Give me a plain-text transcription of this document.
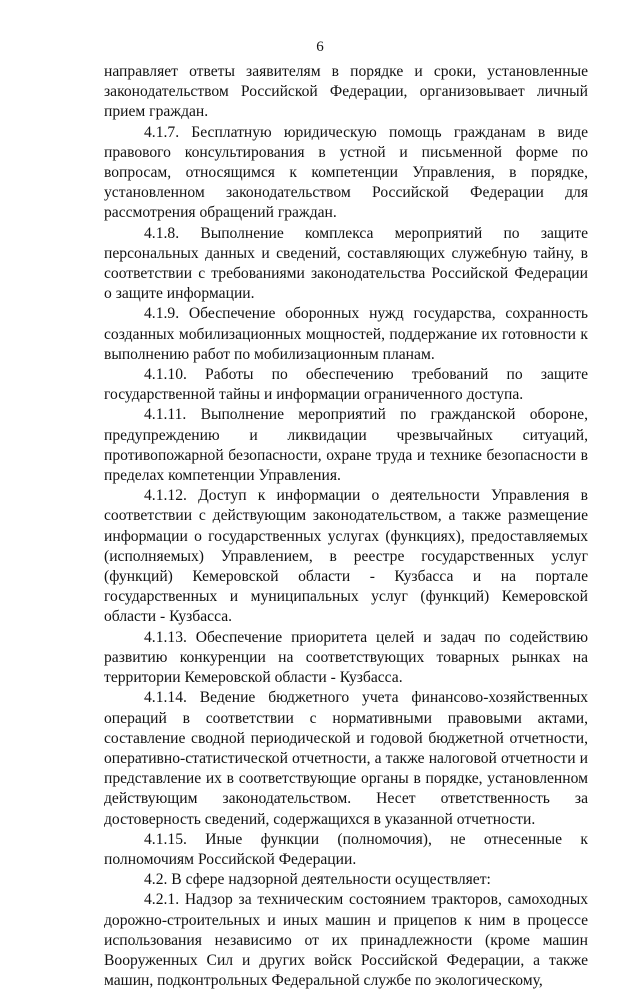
6

направляет ответы заявителям в порядке и сроки, установленные законодательством Российской Федерации, организовывает личный прием граждан.

4.1.7. Бесплатную юридическую помощь гражданам в виде правового консультирования в устной и письменной форме по вопросам, относящимся к компетенции Управления, в порядке, установленном законодательством Российской Федерации для рассмотрения обращений граждан.

4.1.8. Выполнение комплекса мероприятий по защите персональных данных и сведений, составляющих служебную тайну, в соответствии с требованиями законодательства Российской Федерации о защите информации.

4.1.9. Обеспечение оборонных нужд государства, сохранность созданных мобилизационных мощностей, поддержание их готовности к выполнению работ по мобилизационным планам.

4.1.10. Работы по обеспечению требований по защите государственной тайны и информации ограниченного доступа.

4.1.11. Выполнение мероприятий по гражданской обороне, предупреждению и ликвидации чрезвычайных ситуаций, противопожарной безопасности, охране труда и технике безопасности в пределах компетенции Управления.

4.1.12. Доступ к информации о деятельности Управления в соответствии с действующим законодательством, а также размещение информации о государственных услугах (функциях), предоставляемых (исполняемых) Управлением, в реестре государственных услуг (функций) Кемеровской области - Кузбасса и на портале государственных и муниципальных услуг (функций) Кемеровской области - Кузбасса.

4.1.13. Обеспечение приоритета целей и задач по содействию развитию конкуренции на соответствующих товарных рынках на территории Кемеровской области - Кузбасса.

4.1.14. Ведение бюджетного учета финансово-хозяйственных операций в соответствии с нормативными правовыми актами, составление сводной периодической и годовой бюджетной отчетности, оперативно-статистической отчетности, а также налоговой отчетности и представление их в соответствующие органы в порядке, установленном действующим законодательством. Несет ответственность за достоверность сведений, содержащихся в указанной отчетности.

4.1.15. Иные функции (полномочия), не отнесенные к полномочиям Российской Федерации.

4.2. В сфере надзорной деятельности осуществляет:

4.2.1. Надзор за техническим состоянием тракторов, самоходных дорожно-строительных и иных машин и прицепов к ним в процессе использования независимо от их принадлежности (кроме машин Вооруженных Сил и других войск Российской Федерации, а также машин, подконтрольных Федеральной службе по экологическому,
